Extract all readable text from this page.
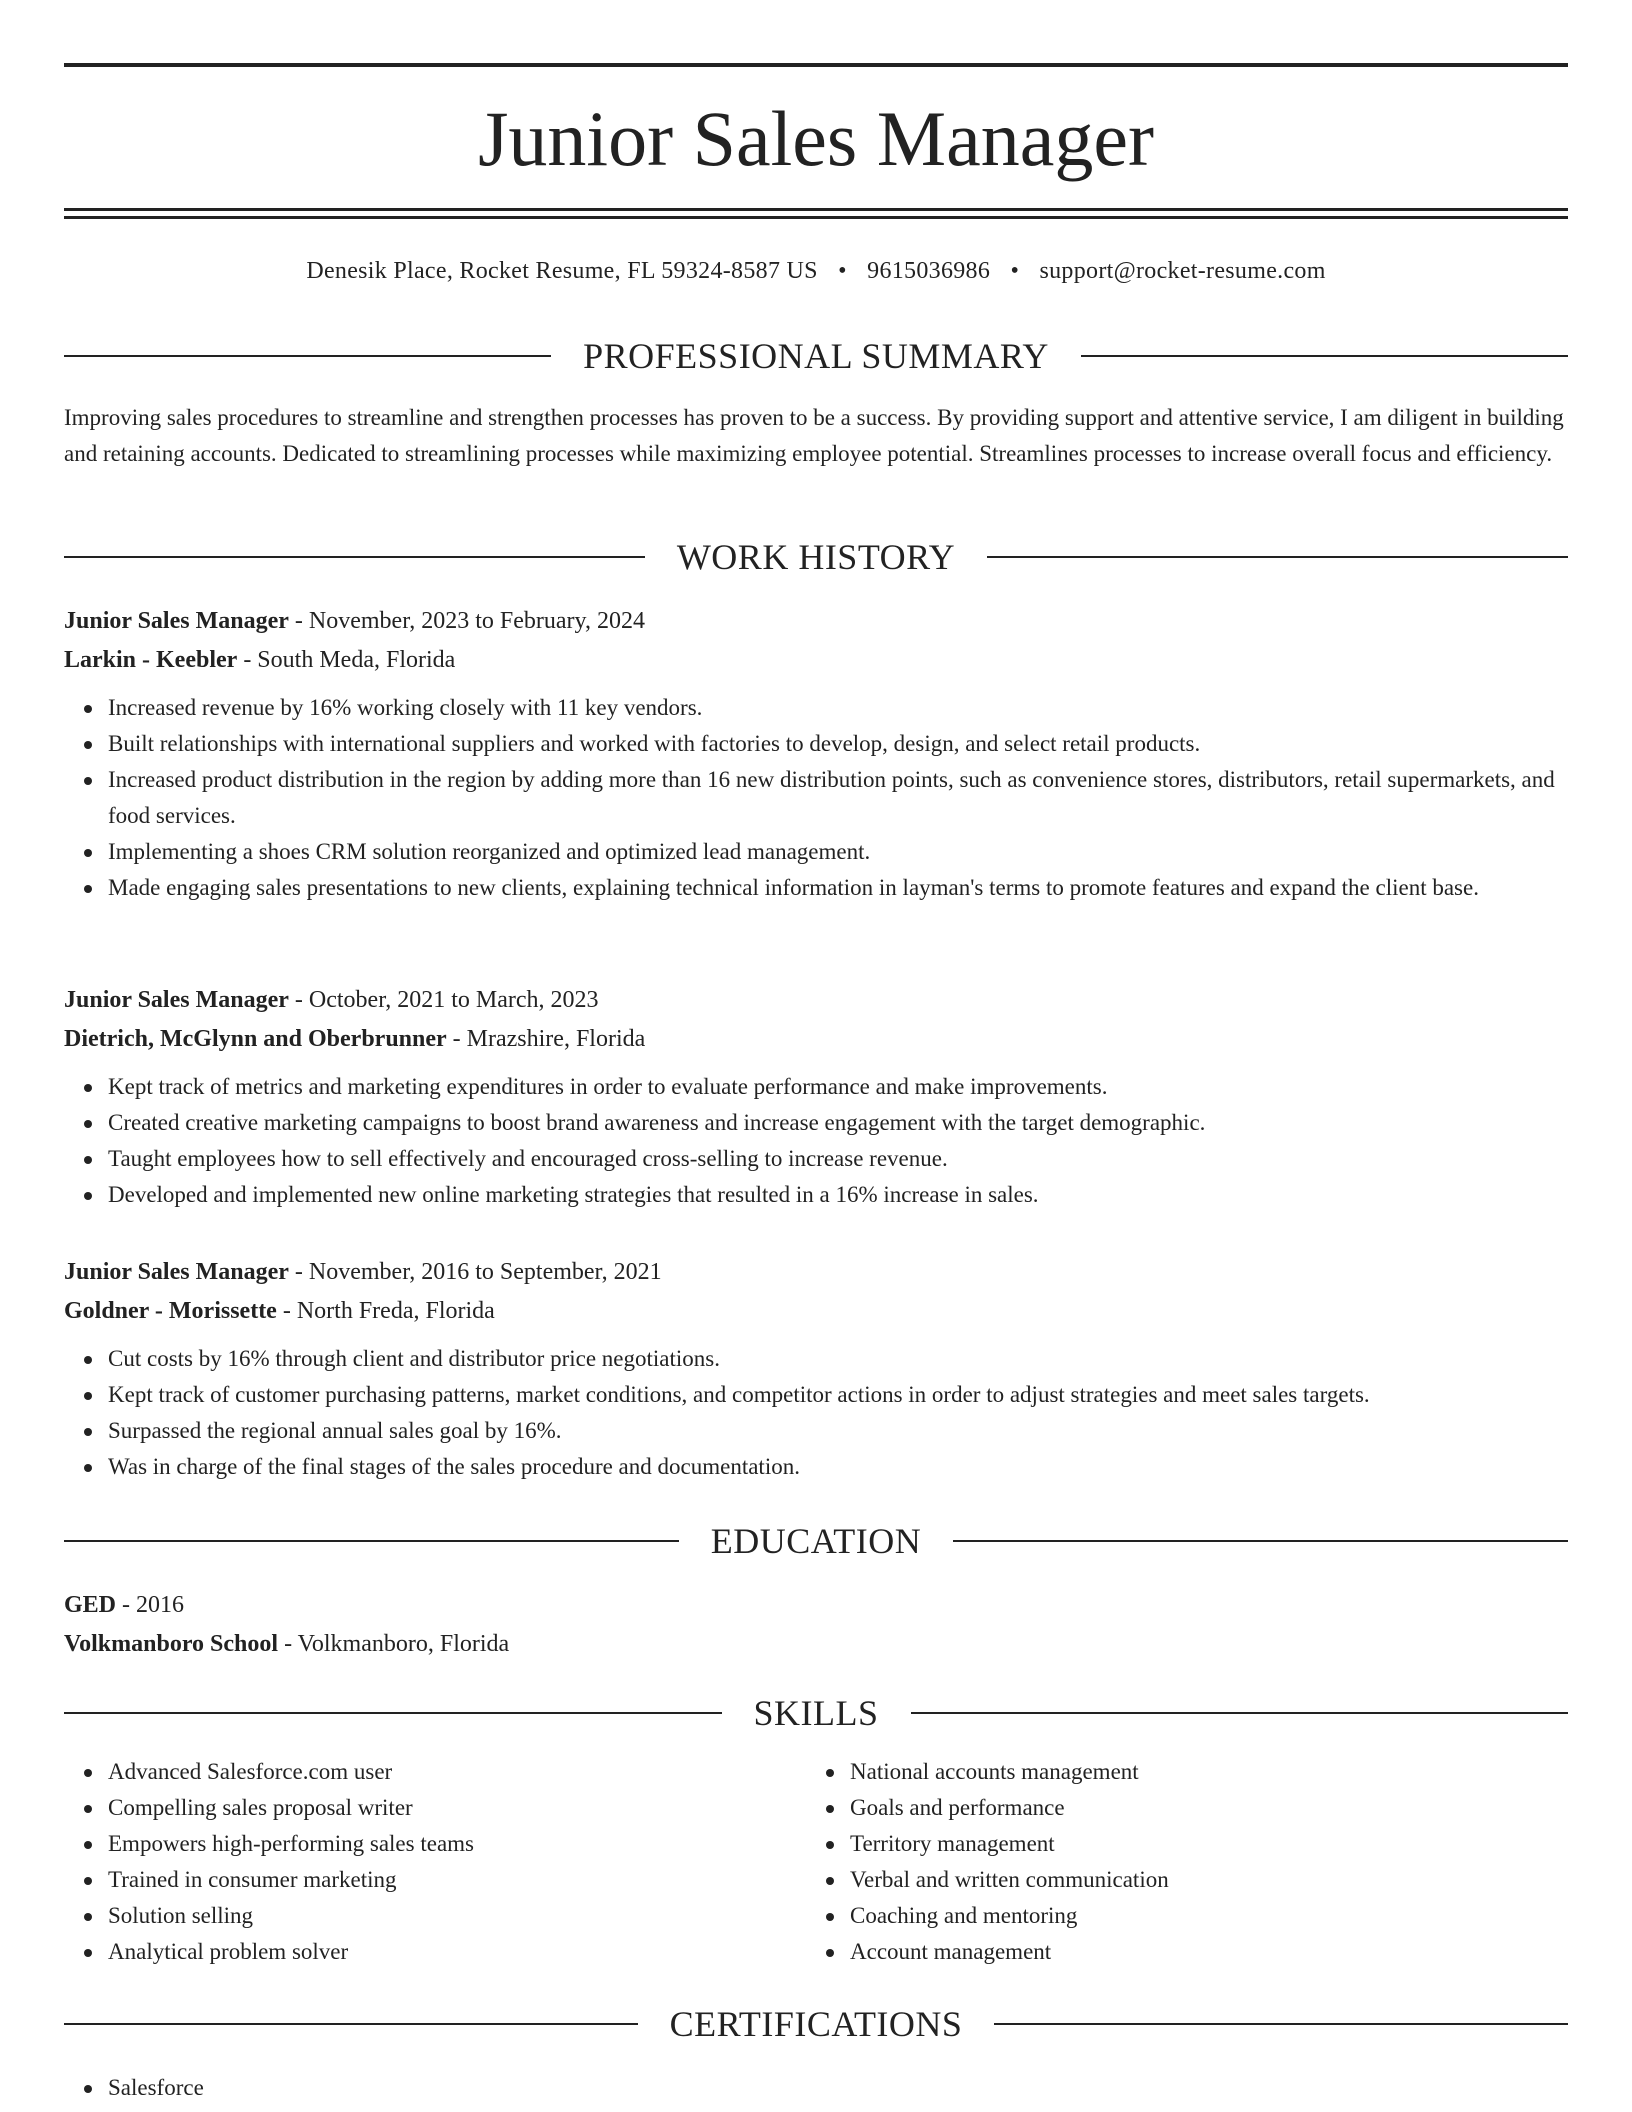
Junior Sales Manager
Denesik Place, Rocket Resume, FL 59324-8587 US • 9615036986 • support@rocket-resume.com
PROFESSIONAL SUMMARY

Improving sales procedures to streamline and strengthen processes has proven to be a success. By providing support and attentive service, I am diligent in building and retaining accounts. Dedicated to streamlining processes while maximizing employee potential. Streamlines processes to increase overall focus and efficiency.

WORK HISTORY

Junior Sales Manager - November, 2023 to February, 2024

Larkin - Keebler - South Meda, Florida

Increased revenue by 16% working closely with 11 key vendors.
Built relationships with international suppliers and worked with factories to develop, design, and select retail products.
Increased product distribution in the region by adding more than 16 new distribution points, such as convenience stores, distributors, retail supermarkets, and food services.
Implementing a shoes CRM solution reorganized and optimized lead management.
Made engaging sales presentations to new clients, explaining technical information in layman's terms to promote features and expand the client base.

Junior Sales Manager - October, 2021 to March, 2023

Dietrich, McGlynn and Oberbrunner - Mrazshire, Florida

Kept track of metrics and marketing expenditures in order to evaluate performance and make improvements.
Created creative marketing campaigns to boost brand awareness and increase engagement with the target demographic.
Taught employees how to sell effectively and encouraged cross-selling to increase revenue.
Developed and implemented new online marketing strategies that resulted in a 16% increase in sales.

Junior Sales Manager - November, 2016 to September, 2021

Goldner - Morissette - North Freda, Florida

Cut costs by 16% through client and distributor price negotiations.
Kept track of customer purchasing patterns, market conditions, and competitor actions in order to adjust strategies and meet sales targets.
Surpassed the regional annual sales goal by 16%.
Was in charge of the final stages of the sales procedure and documentation.
EDUCATION

GED - 2016

Volkmanboro School - Volkmanboro, Florida

SKILLS
Advanced Salesforce.com user
Compelling sales proposal writer
Empowers high-performing sales teams
Trained in consumer marketing
Solution selling
Analytical problem solver
National accounts management
Goals and performance
Territory management
Verbal and written communication
Coaching and mentoring
Account management
CERTIFICATIONS
Salesforce
